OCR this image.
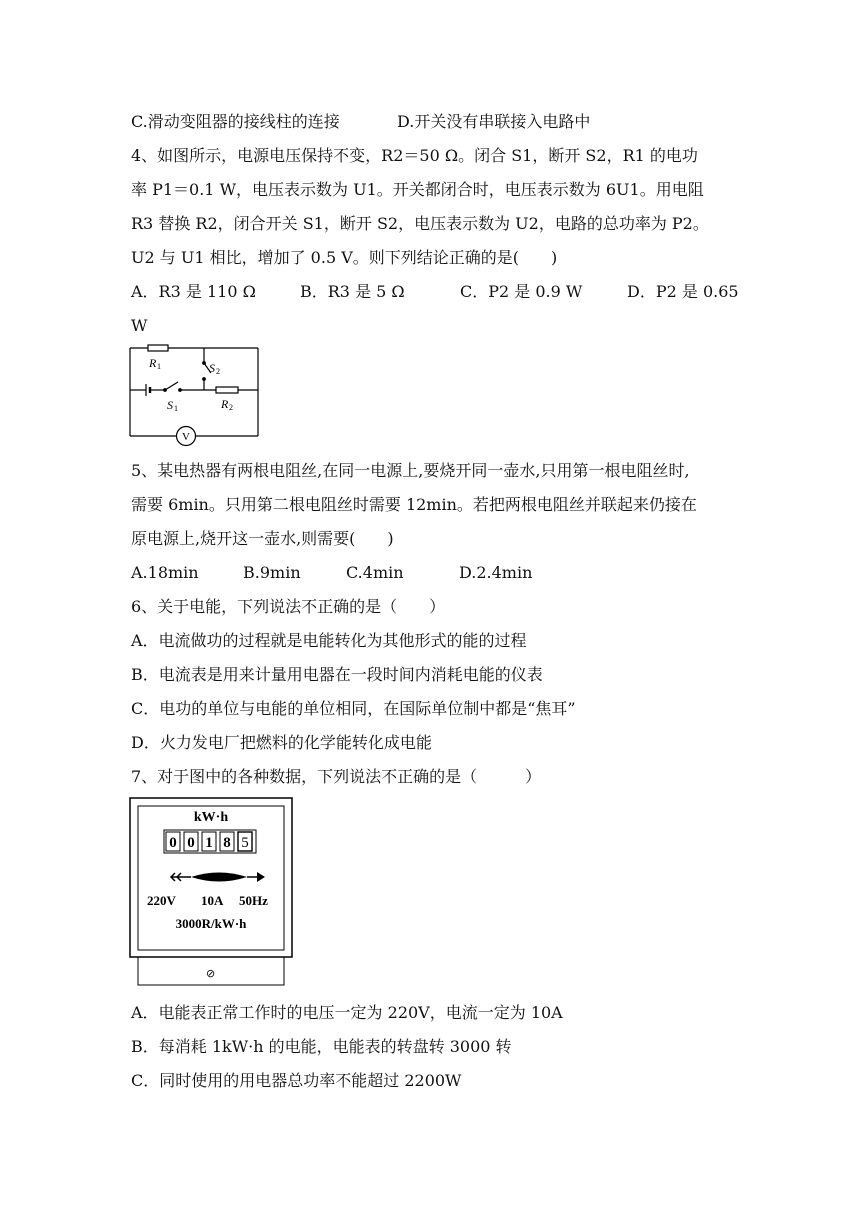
C.滑动变阻器的接线柱的连接	D.开关没有串联接入电路中
4、如图所示，电源电压保持不变，R2＝50 Ω。闭合 S1，断开 S2，R1 的电功
率 P1＝0.1 W，电压表示数为 U1。开关都闭合时，电压表示数为 6U1。用电阻
R3 替换 R2，闭合开关 S1，断开 S2，电压表示数为 U2，电路的总功率为 P2。
U2 与 U1 相比，增加了 0.5 V。则下列结论正确的是(　　)
A．R3 是 110 Ω	B．R3 是 5 Ω	C．P2 是 0.9 W	D．P2 是 0.65
W
R 1	S 2
S 1	R 2
V
5、某电热器有两根电阻丝,在同一电源上,要烧开同一壶水,只用第一根电阻丝时,
需要 6min。只用第二根电阻丝时需要 12min。若把两根电阻丝并联起来仍接在
原电源上,烧开这一壶水,则需要(　　)
A.18min	B.9min	C.4min	D.2.4min
6、关于电能，下列说法不正确的是（　　）
A．电流做功的过程就是电能转化为其他形式的能的过程
B．电流表是用来计量用电器在一段时间内消耗电能的仪表
C．电功的单位与电能的单位相同，在国际单位制中都是“焦耳”
D．火力发电厂把燃料的化学能转化成电能
7、对于图中的各种数据，下列说法不正确的是（　　　）
kW·h
0 0 1 8 5
220V 10A 50Hz
3000R/kW·h
⊘
A．电能表正常工作时的电压一定为 220V，电流一定为 10A
B．每消耗 1kW·h 的电能，电能表的转盘转 3000 转
C．同时使用的用电器总功率不能超过 2200W
